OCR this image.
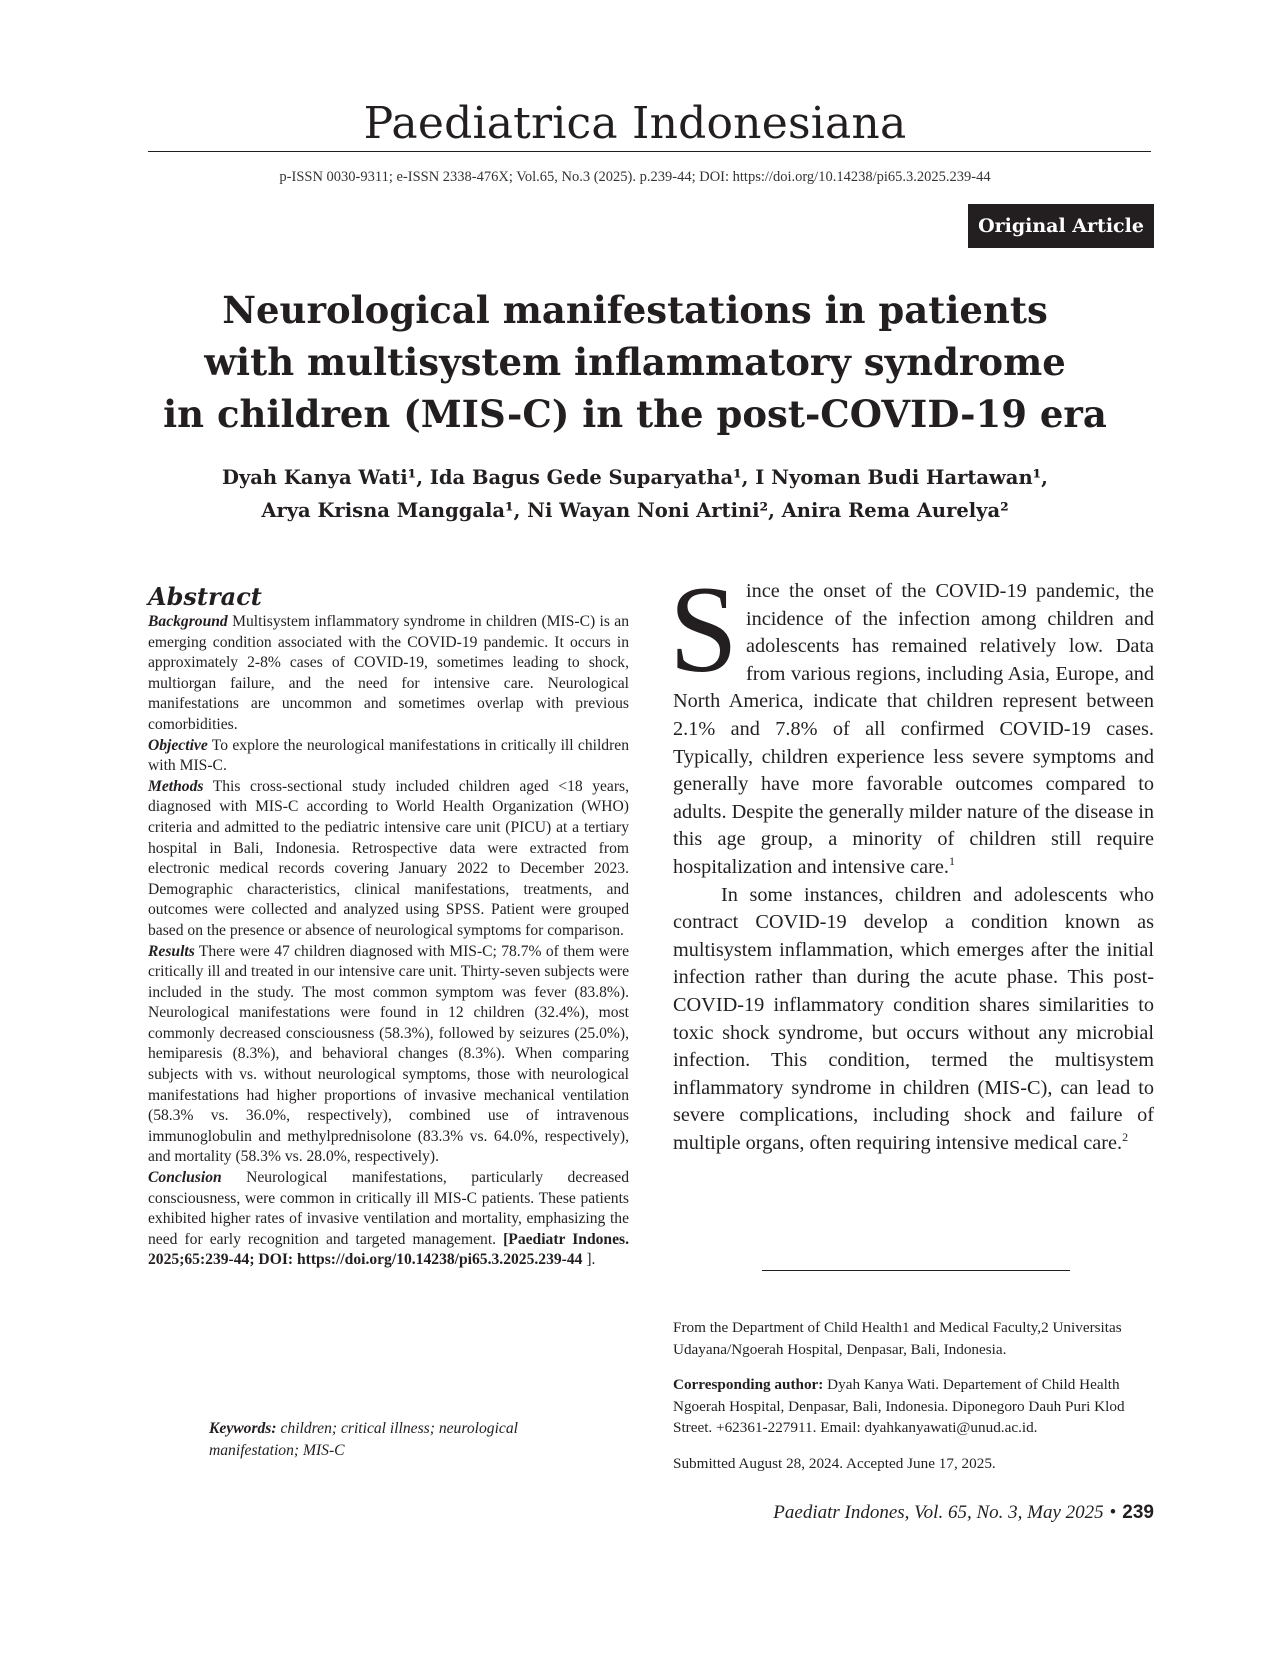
Paediatrica Indonesiana
p-ISSN 0030-9311; e-ISSN 2338-476X; Vol.65, No.3 (2025). p.239-44; DOI: https://doi.org/10.14238/pi65.3.2025.239-44
Original Article
Neurological manifestations in patients
with multisystem inflammatory syndrome
in children (MIS-C) in the post-COVID-19 era
Dyah Kanya Wati¹, Ida Bagus Gede Suparyatha¹, I Nyoman Budi Hartawan¹,
Arya Krisna Manggala¹, Ni Wayan Noni Artini², Anira Rema Aurelya²
Abstract

Background Multisystem inflammatory syndrome in children (MIS-C) is an emerging condition associated with the COVID-19 pandemic. It occurs in approximately 2-8% cases of COVID-19, sometimes leading to shock, multiorgan failure, and the need for intensive care. Neurological manifestations are uncommon and sometimes overlap with previous comorbidities.

Objective To explore the neurological manifestations in critically ill children with MIS-C.

Methods This cross-sectional study included children aged <18 years, diagnosed with MIS-C according to World Health Organization (WHO) criteria and admitted to the pediatric intensive care unit (PICU) at a tertiary hospital in Bali, Indonesia. Retrospective data were extracted from electronic medical records covering January 2022 to December 2023. Demographic characteristics, clinical manifestations, treatments, and outcomes were collected and analyzed using SPSS. Patient were grouped based on the presence or absence of neurological symptoms for comparison.

Results There were 47 children diagnosed with MIS-C; 78.7% of them were critically ill and treated in our intensive care unit. Thirty-seven subjects were included in the study. The most common symptom was fever (83.8%). Neurological manifestations were found in 12 children (32.4%), most commonly decreased consciousness (58.3%), followed by seizures (25.0%), hemiparesis (8.3%), and behavioral changes (8.3%). When comparing subjects with vs. without neurological symptoms, those with neurological manifestations had higher proportions of invasive mechanical ventilation (58.3% vs. 36.0%, respectively), combined use of intravenous immunoglobulin and methylprednisolone (83.3% vs. 64.0%, respectively), and mortality (58.3% vs. 28.0%, respectively).

Conclusion Neurological manifestations, particularly decreased consciousness, were common in critically ill MIS-C patients. These patients exhibited higher rates of invasive ventilation and mortality, emphasizing the need for early recognition and targeted management. [Paediatr Indones. 2025;65:239-44; DOI: https://doi.org/10.14238/pi65.3.2025.239-44 ].

Keywords: children; critical illness; neurological manifestation; MIS-C

Since the onset of the COVID-19 pandemic, the incidence of the infection among children and adolescents has remained relatively low. Data from various regions, including Asia, Europe, and North America, indicate that children represent between 2.1% and 7.8% of all confirmed COVID-19 cases. Typically, children experience less severe symptoms and generally have more favorable outcomes compared to adults. Despite the generally milder nature of the disease in this age group, a minority of children still require hospitalization and intensive care.$^1$

In some instances, children and adolescents who contract COVID-19 develop a condition known as multisystem inflammation, which emerges after the initial infection rather than during the acute phase. This post-COVID-19 inflammatory condition shares similarities to toxic shock syndrome, but occurs without any microbial infection. This condition, termed the multisystem inflammatory syndrome in children (MIS-C), can lead to severe complications, including shock and failure of multiple organs, often requiring intensive medical care.$^2$

From the Department of Child Health1 and Medical Faculty,2 Universitas Udayana/Ngoerah Hospital, Denpasar, Bali, Indonesia.

Corresponding author: Dyah Kanya Wati. Departement of Child Health Ngoerah Hospital, Denpasar, Bali, Indonesia. Diponegoro Dauh Puri Klod Street. +62361-227911. Email: dyahkanyawati@unud.ac.id.

Submitted August 28, 2024. Accepted June 17, 2025.

Paediatr Indones, Vol. 65, No. 3, May 2025 • 239
